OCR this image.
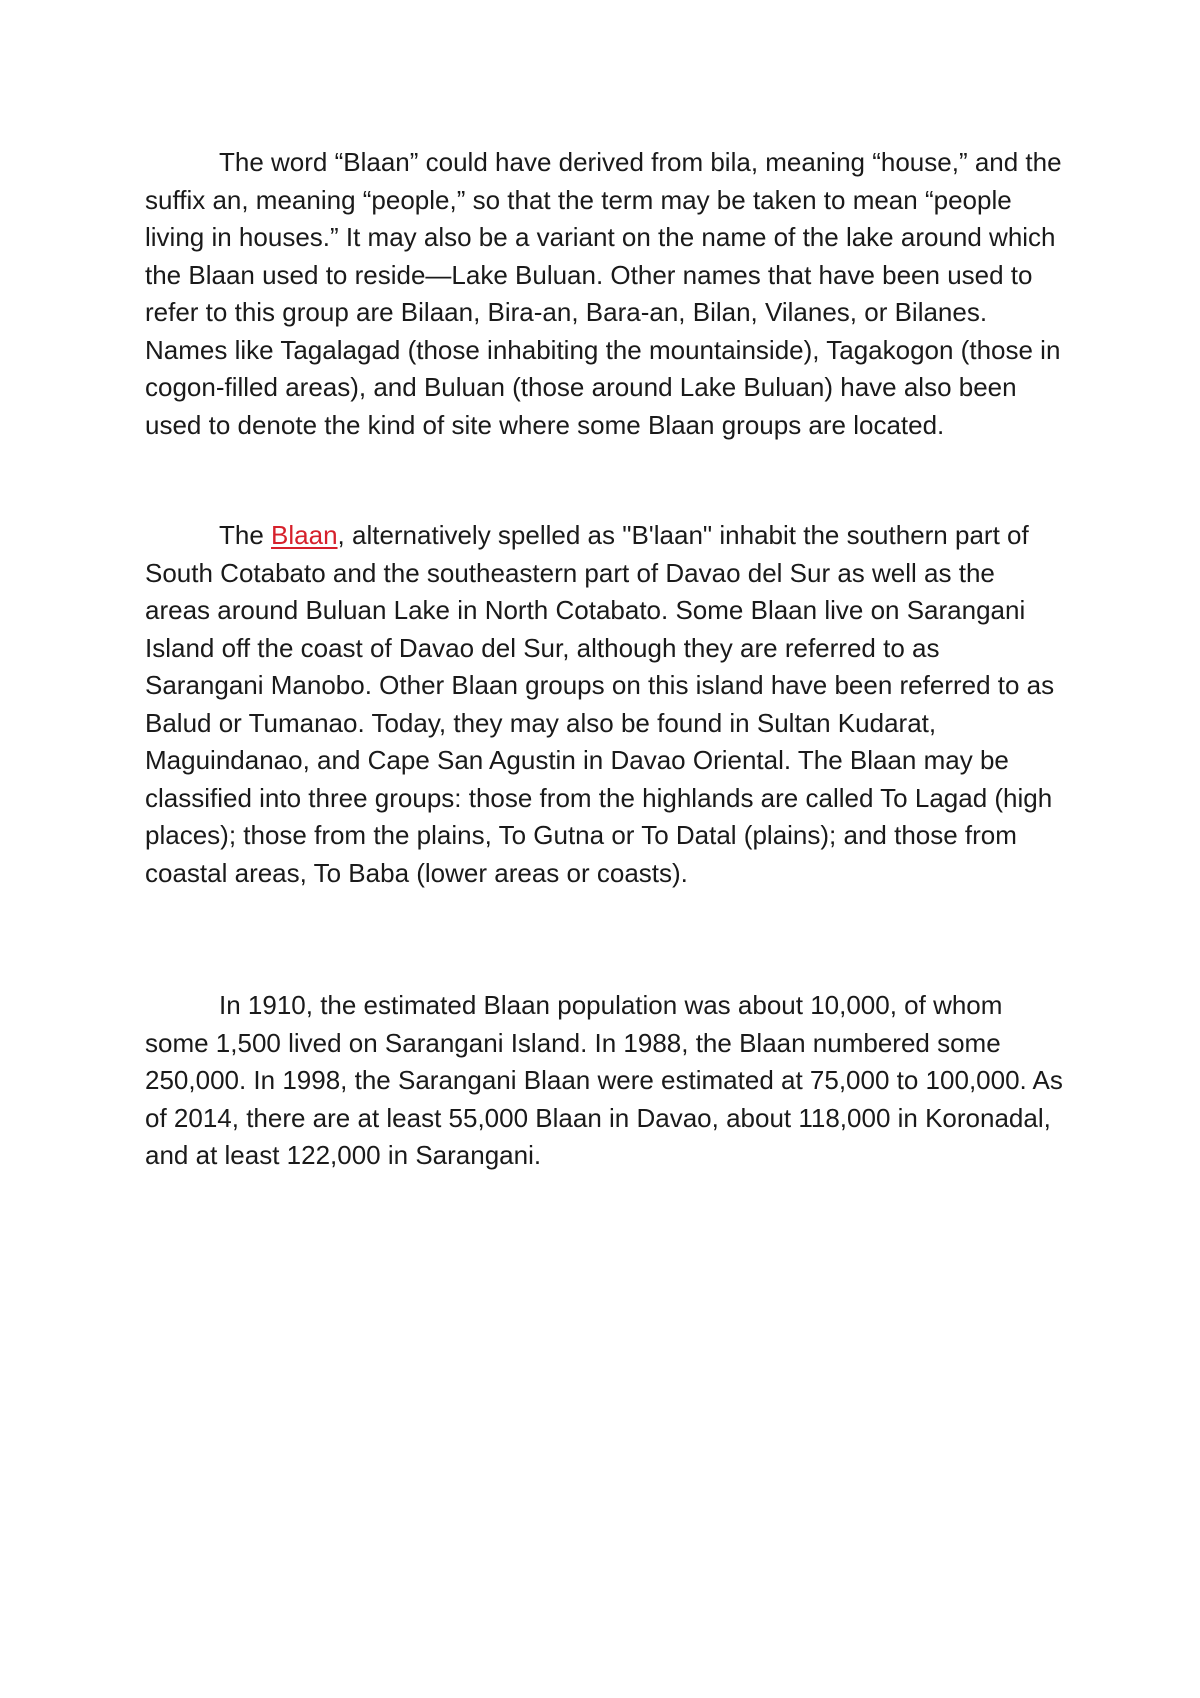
The word “Blaan” could have derived from bila, meaning “house,” and the suffix an, meaning “people,” so that the term may be taken to mean “people living in houses.” It may also be a variant on the name of the lake around which the Blaan used to reside—Lake Buluan. Other names that have been used to refer to this group are Bilaan, Bira-an, Bara-an, Bilan, Vilanes, or Bilanes. Names like Tagalagad (those inhabiting the mountainside), Tagakogon (those in cogon-filled areas), and Buluan (those around Lake Buluan) have also been used to denote the kind of site where some Blaan groups are located.

The Blaan, alternatively spelled as "B'laan" inhabit the southern part of South Cotabato and the southeastern part of Davao del Sur as well as the areas around Buluan Lake in North Cotabato. Some Blaan live on Sarangani Island off the coast of Davao del Sur, although they are referred to as Sarangani Manobo. Other Blaan groups on this island have been referred to as Balud or Tumanao. Today, they may also be found in Sultan Kudarat, Maguindanao, and Cape San Agustin in Davao Oriental. The Blaan may be classified into three groups: those from the highlands are called To Lagad (high places); those from the plains, To Gutna or To Datal (plains); and those from coastal areas, To Baba (lower areas or coasts).

In 1910, the estimated Blaan population was about 10,000, of whom some 1,500 lived on Sarangani Island. In 1988, the Blaan numbered some 250,000. In 1998, the Sarangani Blaan were estimated at 75,000 to 100,000. As of 2014, there are at least 55,000 Blaan in Davao, about 118,000 in Koronadal, and at least 122,000 in Sarangani.
